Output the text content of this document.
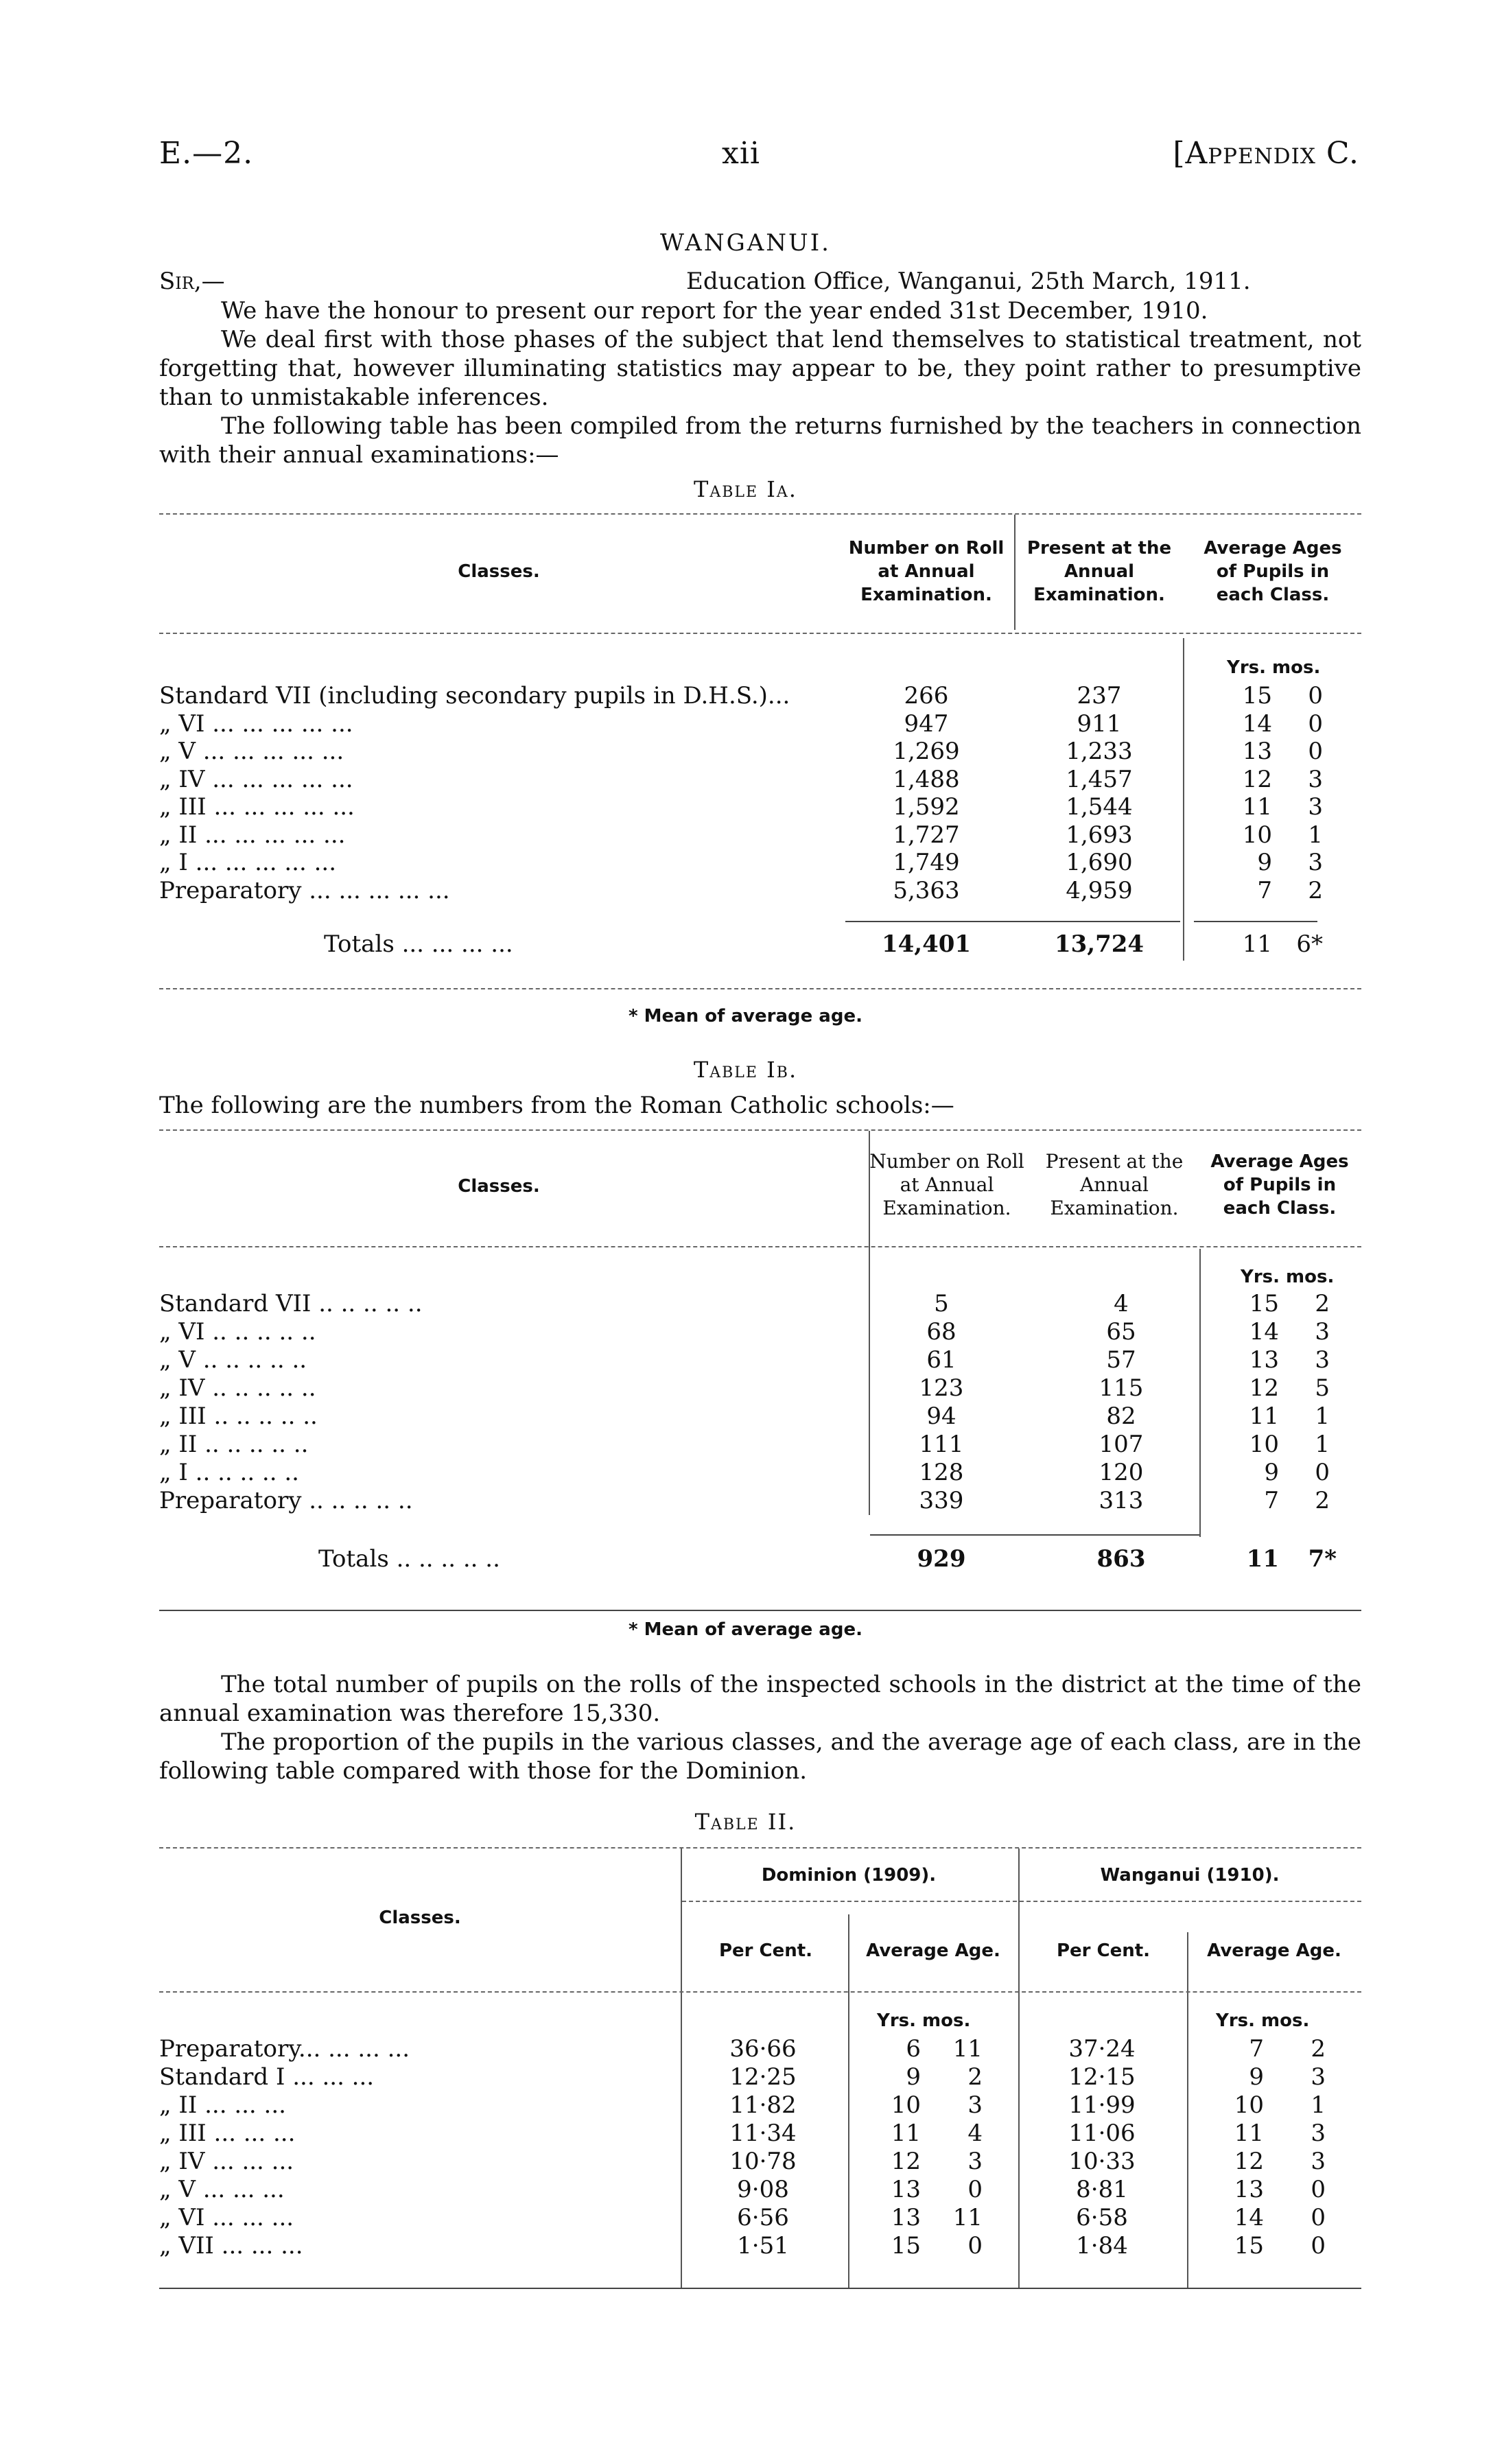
E.—2.	xii	[Appendix C.
WANGANUI.
Sir,—	Education Office, Wanganui, 25th March, 1911.
We have the honour to present our report for the year ended 31st December, 1910.
We deal first with those phases of the subject that lend themselves to statistical treatment, not forgetting that, however illuminating statistics may appear to be, they point rather to presumptive than to unmistakable inferences.
The following table has been compiled from the returns furnished by the teachers in connection with their annual examinations:—
Table Ia.
Classes.
Number on Roll at Annual Examination.
Present at the Annual Examination.
Average Ages of Pupils in each Class.
Yrs. mos.
Standard VII (including secondary pupils in D.H.S.)...	266	237	15	0
„ VI ... ... ... ... ...	947	911	14	0
„ V ... ... ... ... ...	1,269	1,233	13	0
„ IV ... ... ... ... ...	1,488	1,457	12	3
„ III ... ... ... ... ...	1,592	1,544	11	3
„ II ... ... ... ... ...	1,727	1,693	10	1
„ I ... ... ... ... ...	1,749	1,690	9	3
Preparatory ... ... ... ... ...	5,363	4,959	7	2
Totals ... ... ... ...	14,401	13,724	11	6*
* Mean of average age.
Table Ib.
The following are the numbers from the Roman Catholic schools:—
Classes.
Number on Roll at Annual Examination.
Present at the Annual Examination.
Average Ages of Pupils in each Class.
Yrs. mos.
Standard VII .. .. .. .. ..	5	4	15	2
„ VI .. .. .. .. ..	68	65	14	3
„ V .. .. .. .. ..	61	57	13	3
„ IV .. .. .. .. ..	123	115	12	5
„ III .. .. .. .. ..	94	82	11	1
„ II .. .. .. .. ..	111	107	10	1
„ I .. .. .. .. ..	128	120	9	0
Preparatory .. .. .. .. ..	339	313	7	2
Totals .. .. .. .. ..	929	863	11	7*
* Mean of average age.
The total number of pupils on the rolls of the inspected schools in the district at the time of the annual examination was therefore 15,330.
The proportion of the pupils in the various classes, and the average age of each class, are in the following table compared with those for the Dominion.
Table II.
Classes.
Dominion (1909).	Wanganui (1910).
Per Cent.	Average Age.	Per Cent.	Average Age.
Yrs. mos.	Yrs. mos.
Preparatory... ... ... ...	36·66	6	11	37·24	7	2
Standard I ... ... ...	12·25	9	2	12·15	9	3
„ II ... ... ...	11·82	10	3	11·99	10	1
„ III ... ... ...	11·34	11	4	11·06	11	3
„ IV ... ... ...	10·78	12	3	10·33	12	3
„ V ... ... ...	9·08	13	0	8·81	13	0
„ VI ... ... ...	6·56	13	11	6·58	14	0
„ VII ... ... ...	1·51	15	0	1·84	15	0
